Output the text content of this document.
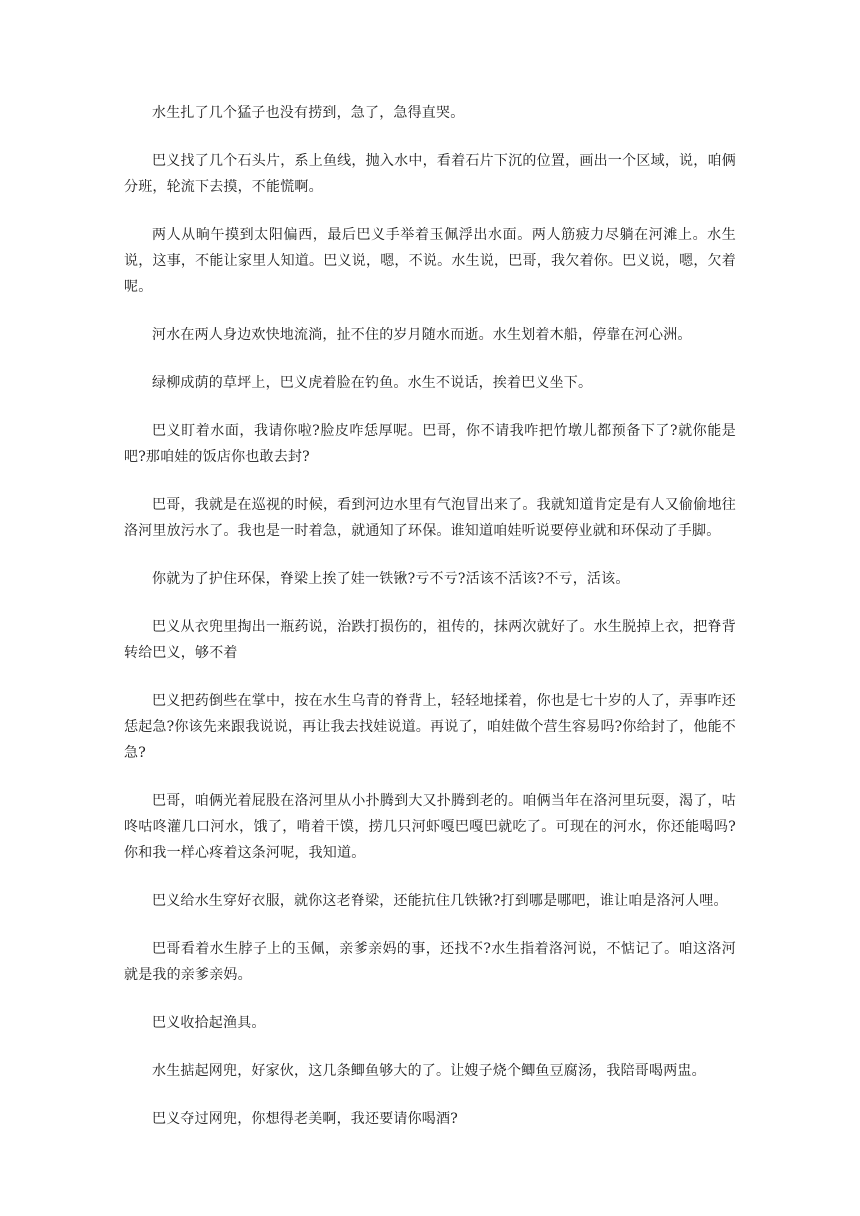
水生扎了几个猛子也没有捞到，急了，急得直哭。

巴义找了几个石头片，系上鱼线，抛入水中，看着石片下沉的位置，画出一个区域，说，咱俩分班，轮流下去摸，不能慌啊。

两人从晌午摸到太阳偏西，最后巴义手举着玉佩浮出水面。两人筋疲力尽躺在河滩上。水生说，这事，不能让家里人知道。巴义说，嗯，不说。水生说，巴哥，我欠着你。巴义说，嗯，欠着呢。

河水在两人身边欢快地流淌，扯不住的岁月随水而逝。水生划着木船，停靠在河心洲。

绿柳成荫的草坪上，巴义虎着脸在钓鱼。水生不说话，挨着巴义坐下。

巴义盯着水面，我请你啦?脸皮咋恁厚呢。巴哥，你不请我咋把竹墩儿都预备下了?就你能是吧?那咱娃的饭店你也敢去封?

巴哥，我就是在巡视的时候，看到河边水里有气泡冒出来了。我就知道肯定是有人又偷偷地往洛河里放污水了。我也是一时着急，就通知了环保。谁知道咱娃听说要停业就和环保动了手脚。

你就为了护住环保，脊梁上挨了娃一铁锹?亏不亏?活该不活该?不亏，活该。

巴义从衣兜里掏出一瓶药说，治跌打损伤的，祖传的，抹两次就好了。水生脱掉上衣，把脊背转给巴义，够不着

巴义把药倒些在掌中，按在水生乌青的脊背上，轻轻地揉着，你也是七十岁的人了，弄事咋还恁起急?你该先来跟我说说，再让我去找娃说道。再说了，咱娃做个营生容易吗?你给封了，他能不急?

巴哥，咱俩光着屁股在洛河里从小扑腾到大又扑腾到老的。咱俩当年在洛河里玩耍，渴了，咕咚咕咚灌几口河水，饿了，啃着干馍，捞几只河虾嘎巴嘎巴就吃了。可现在的河水，你还能喝吗?你和我一样心疼着这条河呢，我知道。

巴义给水生穿好衣服，就你这老脊梁，还能抗住几铁锹?打到哪是哪吧，谁让咱是洛河人哩。

巴哥看着水生脖子上的玉佩，亲爹亲妈的事，还找不?水生指着洛河说，不惦记了。咱这洛河就是我的亲爹亲妈。

巴义收拾起渔具。

水生掂起网兜，好家伙，这几条鲫鱼够大的了。让嫂子烧个鲫鱼豆腐汤，我陪哥喝两盅。

巴义夺过网兜，你想得老美啊，我还要请你喝酒?
